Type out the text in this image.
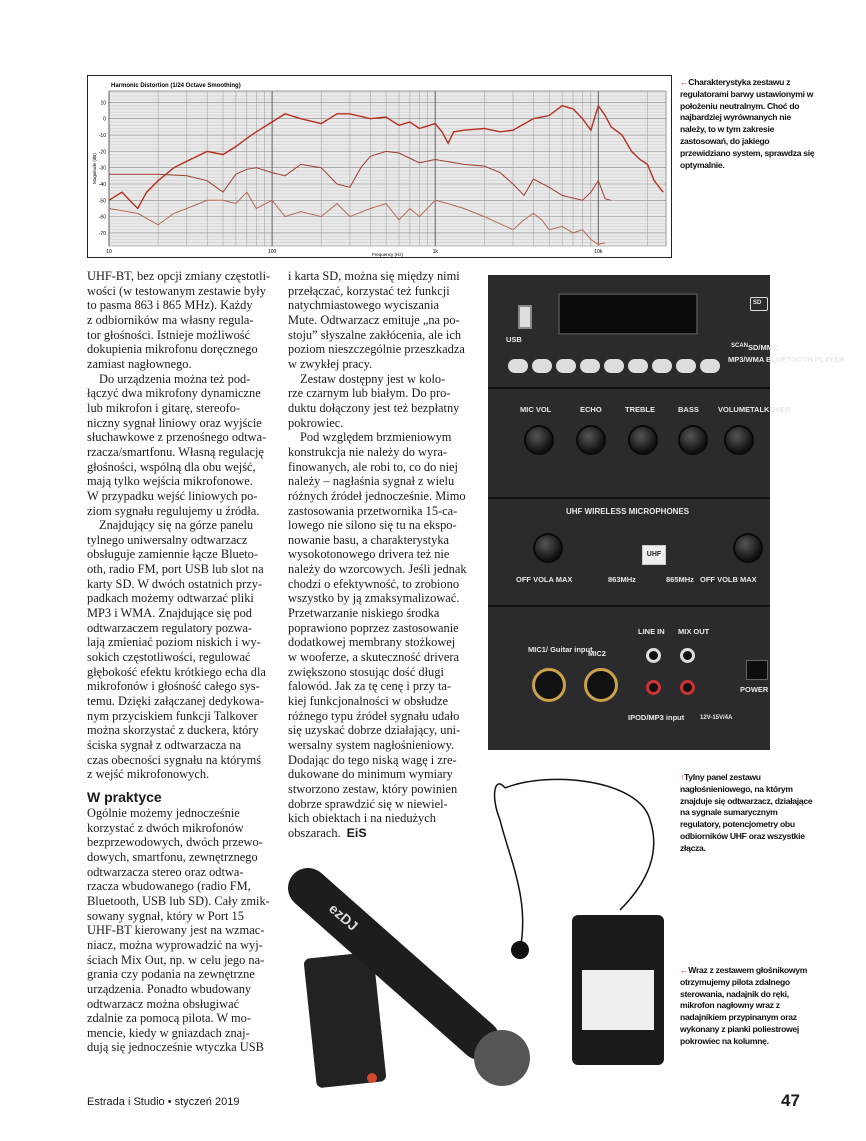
10
0
-10
-20
-30
-40
-50
-60
-70
10	100	1k	10k
Harmonic Distortion (1/24 Octave Smoothing)
Frequency (Hz)
Magnitude (dB)
←Charakterystyka zestawu z regulatorami barwy ustawionymi w położeniu neutralnym. Choć do najbardziej wyrównanych nie należy, to w tym zakresie zastosowań, do jakiego przewidziano system, sprawdza się optymalnie.
UHF-BT, bez opcji zmiany częstotli-
wości (w testowanym zestawie były
to pasma 863 i 865 MHz). Każdy
z odbiorników ma własny regula-
tor głośności. Istnieje możliwość
dokupienia mikrofonu doręcznego
zamiast nagłownego.
Do urządzenia można też pod-
łączyć dwa mikrofony dynamiczne
lub mikrofon i gitarę, stereofo-
niczny sygnał liniowy oraz wyjście
słuchawkowe z przenośnego odtwa-
rzacza/smartfonu. Własną regulację
głośności, wspólną dla obu wejść,
mają tylko wejścia mikrofonowe.
W przypadku wejść liniowych po-
ziom sygnału regulujemy u źródła.
Znajdujący się na górze panelu
tylnego uniwersalny odtwarzacz
obsługuje zamiennie łącze Blueto-
oth, radio FM, port USB lub slot na
karty SD. W dwóch ostatnich przy-
padkach możemy odtwarzać pliki
MP3 i WMA. Znajdujące się pod
odtwarzaczem regulatory pozwa-
lają zmieniać poziom niskich i wy-
sokich częstotliwości, regulować
głębokość efektu krótkiego echa dla
mikrofonów i głośność całego sys-
temu. Dzięki załączanej dedykowa-
nym przyciskiem funkcji Talkover
można skorzystać z duckera, który
ściska sygnał z odtwarzacza na
czas obecności sygnału na którymś
z wejść mikrofonowych.
W praktyce
Ogólnie możemy jednocześnie
korzystać z dwóch mikrofonów
bezprzewodowych, dwóch przewo-
dowych, smartfonu, zewnętrznego
odtwarzacza stereo oraz odtwa-
rzacza wbudowanego (radio FM,
Bluetooth, USB lub SD). Cały zmik-
sowany sygnał, który w Port 15
UHF-BT kierowany jest na wzmac-
niacz, można wyprowadzić na wyj-
ściach Mix Out, np. w celu jego na-
grania czy podania na zewnętrzne
urządzenia. Ponadto wbudowany
odtwarzacz można obsługiwać
zdalnie za pomocą pilota. W mo-
mencie, kiedy w gniazdach znaj-
dują się jednocześnie wtyczka USB
i karta SD, można się między nimi
przełączać, korzystać też funkcji
natychmiastowego wyciszania
Mute. Odtwarzacz emituje „na po-
stoju” słyszalne zakłócenia, ale ich
poziom nieszczególnie przeszkadza
w zwykłej pracy.
Zestaw dostępny jest w kolo-
rze czarnym lub białym. Do pro-
duktu dołączony jest też bezpłatny
pokrowiec.
Pod względem brzmieniowym
konstrukcja nie należy do wyra-
finowanych, ale robi to, co do niej
należy – nagłaśnia sygnał z wielu
różnych źródeł jednocześnie. Mimo
zastosowania przetwornika 15-ca-
lowego nie silono się tu na ekspo-
nowanie basu, a charakterystyka
wysokotonowego drivera też nie
należy do wzorcowych. Jeśli jednak
chodzi o efektywność, to zrobiono
wszystko by ją zmaksymalizować.
Przetwarzanie niskiego środka
poprawiono poprzez zastosowanie
dodatkowej membrany stożkowej
w wooferze, a skuteczność drivera
zwiększono stosując dość długi
falowód. Jak za tę cenę i przy ta-
kiej funkcjonalności w obsłudze
różnego typu źródeł sygnału udało
się uzyskać dobrze działający, uni-
wersalny system nagłośnieniowy.
Dodając do tego niską wagę i zre-
dukowane do minimum wymiary
stworzono zestaw, który powinien
dobrze sprawdzić się w niewiel-
kich obiektach i na niedużych
obszarach. EiS
USB
SD
SD/MMC
MP3/WMA BLUETOOTH PLAYER
SCAN
MIC VOL	ECHO	TREBLE	BASS	VOLUME TALKOVER
UHF WIRELESS MICROPHONES
OFF VOLA MAX	OFF VOLB MAX
863MHz	865MHz
UHF
MIC1/ Guitar input
MIC2
LINE IN MIX OUT
IPOD/MP3 input
POWER
12V-15V/4A
↑Tylny panel zestawu nagłośnieniowego, na którym znajduje się odtwarzacz, działające na sygnale sumarycznym regulatory, potencjometry obu odbiorników UHF oraz wszystkie złącza.
ezDJ
←Wraz z zestawem głośnikowym otrzymujemy pilota zdalnego sterowania, nadajnik do ręki, mikrofon nagłowny wraz z nadajnikiem przypinanym oraz wykonany z pianki poliestrowej pokrowiec na kolumnę.
Estrada i Studio • styczeń 2019	47
